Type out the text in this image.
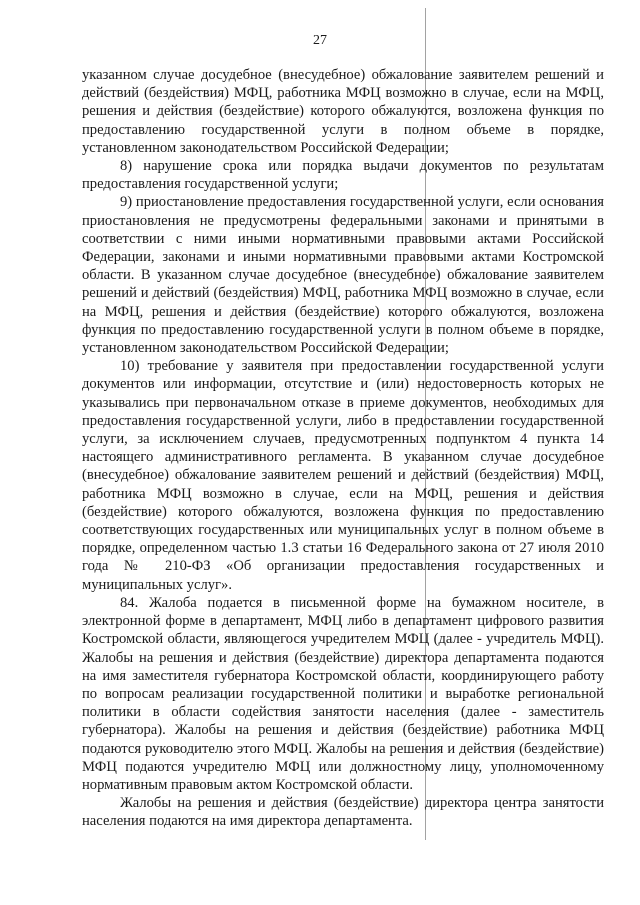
27

указанном случае досудебное (внесудебное) обжалование заявителем решений и действий (бездействия) МФЦ, работника МФЦ возможно в случае, если на МФЦ, решения и действия (бездействие) которого обжалуются, возложена функция по предоставлению государственной услуги в полном объеме в порядке, установленном законодательством Российской Федерации;

8) нарушение срока или порядка выдачи документов по результатам предоставления государственной услуги;

9) приостановление предоставления государственной услуги, если основания приостановления не предусмотрены федеральными законами и принятыми в соответствии с ними иными нормативными правовыми актами Российской Федерации, законами и иными нормативными правовыми актами Костромской области. В указанном случае досудебное (внесудебное) обжалование заявителем решений и действий (бездействия) МФЦ, работника МФЦ возможно в случае, если на МФЦ, решения и действия (бездействие) которого обжалуются, возложена функция по предоставлению государственной услуги в полном объеме в порядке, установленном законодательством Российской Федерации;

10) требование у заявителя при предоставлении государственной услуги документов или информации, отсутствие и (или) недостоверность которых не указывались при первоначальном отказе в приеме документов, необходимых для предоставления государственной услуги, либо в предоставлении государственной услуги, за исключением случаев, предусмотренных подпунктом 4 пункта 14 настоящего административного регламента. В указанном случае досудебное (внесудебное) обжалование заявителем решений и действий (бездействия) МФЦ, работника МФЦ возможно в случае, если на МФЦ, решения и действия (бездействие) которого обжалуются, возложена функция по предоставлению соответствующих государственных или муниципальных услуг в полном объеме в порядке, определенном частью 1.3 статьи 16 Федерального закона от 27 июля 2010 года № 210-ФЗ «Об организации предоставления государственных и муниципальных услуг».

84. Жалоба подается в письменной форме на бумажном носителе, в электронной форме в департамент, МФЦ либо в департамент цифрового развития Костромской области, являющегося учредителем МФЦ (далее - учредитель МФЦ). Жалобы на решения и действия (бездействие) директора департамента подаются на имя заместителя губернатора Костромской области, координирующего работу по вопросам реализации государственной политики и выработке региональной политики в области содействия занятости населения (далее - заместитель губернатора). Жалобы на решения и действия (бездействие) работника МФЦ подаются руководителю этого МФЦ. Жалобы на решения и действия (бездействие) МФЦ подаются учредителю МФЦ или должностному лицу, уполномоченному нормативным правовым актом Костромской области.

Жалобы на решения и действия (бездействие) директора центра занятости населения подаются на имя директора департамента.
